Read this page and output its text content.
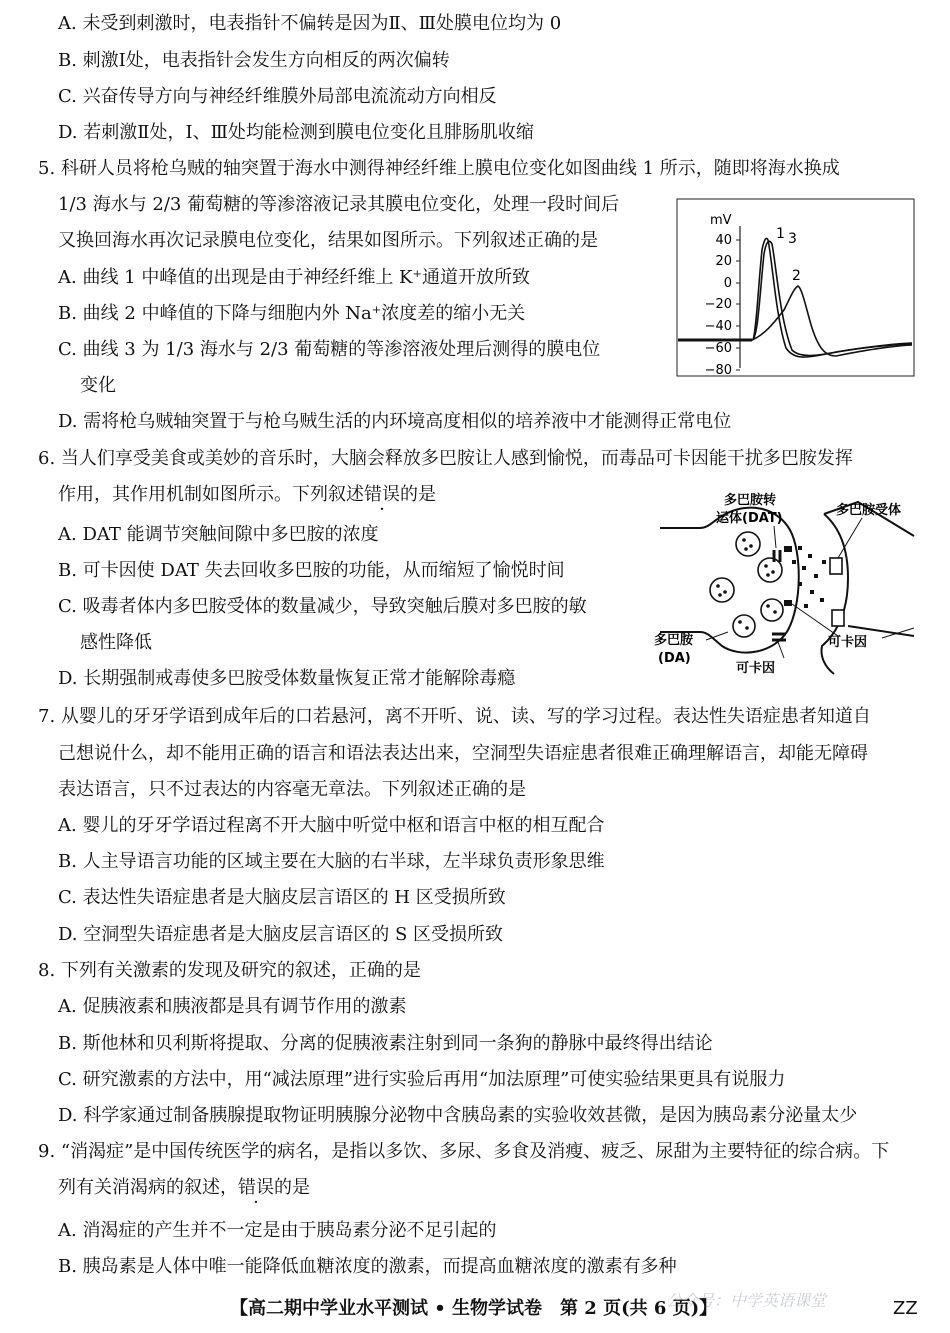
A. 未受到刺激时，电表指针不偏转是因为Ⅱ、Ⅲ处膜电位均为 0
B. 刺激Ⅰ处，电表指针会发生方向相反的两次偏转
C. 兴奋传导方向与神经纤维膜外局部电流流动方向相反
D. 若刺激Ⅱ处，Ⅰ、Ⅲ处均能检测到膜电位变化且腓肠肌收缩
5. 科研人员将枪乌贼的轴突置于海水中测得神经纤维上膜电位变化如图曲线 1 所示，随即将海水换成
1/3 海水与 2/3 葡萄糖的等渗溶液记录其膜电位变化，处理一段时间后
又换回海水再次记录膜电位变化，结果如图所示。下列叙述正确的是
A. 曲线 1 中峰值的出现是由于神经纤维上 K⁺通道开放所致
B. 曲线 2 中峰值的下降与细胞内外 Na⁺浓度差的缩小无关
C. 曲线 3 为 1/3 海水与 2/3 葡萄糖的等渗溶液处理后测得的膜电位
变化
D. 需将枪乌贼轴突置于与枪乌贼生活的内环境高度相似的培养液中才能测得正常电位
mV
40
20
0
−20
−40
−60
−80
1 3
2
6. 当人们享受美食或美妙的音乐时，大脑会释放多巴胺让人感到愉悦，而毒品可卡因能干扰多巴胺发挥
作用，其作用机制如图所示。下列叙述错误的是
A. DAT 能调节突触间隙中多巴胺的浓度
B. 可卡因使 DAT 失去回收多巴胺的功能，从而缩短了愉悦时间
C. 吸毒者体内多巴胺受体的数量减少，导致突触后膜对多巴胺的敏
感性降低
D. 长期强制戒毒使多巴胺受体数量恢复正常才能解除毒瘾
多巴胺转
运体(DAT)
多巴胺受体
多巴胺
(DA)
可卡因
可卡因
7. 从婴儿的牙牙学语到成年后的口若悬河，离不开听、说、读、写的学习过程。表达性失语症患者知道自
己想说什么，却不能用正确的语言和语法表达出来，空洞型失语症患者很难正确理解语言，却能无障碍
表达语言，只不过表达的内容毫无章法。下列叙述正确的是
A. 婴儿的牙牙学语过程离不开大脑中听觉中枢和语言中枢的相互配合
B. 人主导语言功能的区域主要在大脑的右半球，左半球负责形象思维
C. 表达性失语症患者是大脑皮层言语区的 H 区受损所致
D. 空洞型失语症患者是大脑皮层言语区的 S 区受损所致
8. 下列有关激素的发现及研究的叙述，正确的是
A. 促胰液素和胰液都是具有调节作用的激素
B. 斯他林和贝利斯将提取、分离的促胰液素注射到同一条狗的静脉中最终得出结论
C. 研究激素的方法中，用“减法原理”进行实验后再用“加法原理”可使实验结果更具有说服力
D. 科学家通过制备胰腺提取物证明胰腺分泌物中含胰岛素的实验收效甚微，是因为胰岛素分泌量太少
9. “消渴症”是中国传统医学的病名，是指以多饮、多尿、多食及消瘦、疲乏、尿甜为主要特征的综合病。下
列有关消渴病的叙述，错误的是
A. 消渴症的产生并不一定是由于胰岛素分泌不足引起的
B. 胰岛素是人体中唯一能降低血糖浓度的激素，而提高血糖浓度的激素有多种
公众号：中学英语课堂
【高二期中学业水平测试 • 生物学试卷　第 2 页(共 6 页)】	ZZ
